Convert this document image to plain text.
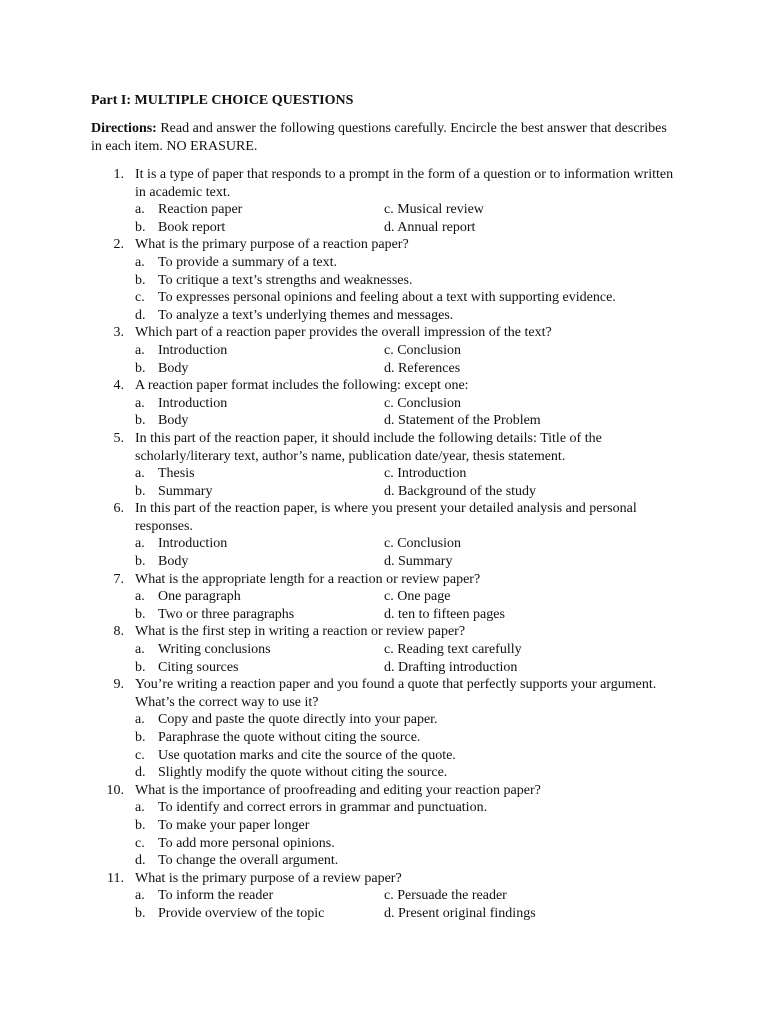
Part I: MULTIPLE CHOICE QUESTIONS
Directions: Read and answer the following questions carefully. Encircle the best answer that describes in each item. NO ERASURE.
1. It is a type of paper that responds to a prompt in the form of a question or to information written in academic text.
a. Reaction paper	c. Musical review
b. Book report	d. Annual report
2. What is the primary purpose of a reaction paper?
a. To provide a summary of a text.
b. To critique a text’s strengths and weaknesses.
c. To expresses personal opinions and feeling about a text with supporting evidence.
d. To analyze a text’s underlying themes and messages.
3. Which part of a reaction paper provides the overall impression of the text?
a. Introduction	c. Conclusion
b. Body	d. References
4. A reaction paper format includes the following: except one:
a. Introduction	c. Conclusion
b. Body	d. Statement of the Problem
5. In this part of the reaction paper, it should include the following details: Title of the scholarly/literary text, author’s name, publication date/year, thesis statement.
a. Thesis	c. Introduction
b. Summary	d. Background of the study
6. In this part of the reaction paper, is where you present your detailed analysis and personal responses.
a. Introduction	c. Conclusion
b. Body	d. Summary
7. What is the appropriate length for a reaction or review paper?
a. One paragraph	c. One page
b. Two or three paragraphs	d. ten to fifteen pages
8. What is the first step in writing a reaction or review paper?
a. Writing conclusions	c. Reading text carefully
b. Citing sources	d. Drafting introduction
9. You’re writing a reaction paper and you found a quote that perfectly supports your argument. What’s the correct way to use it?
a. Copy and paste the quote directly into your paper.
b. Paraphrase the quote without citing the source.
c. Use quotation marks and cite the source of the quote.
d. Slightly modify the quote without citing the source.
10. What is the importance of proofreading and editing your reaction paper?
a. To identify and correct errors in grammar and punctuation.
b. To make your paper longer
c. To add more personal opinions.
d. To change the overall argument.
11. What is the primary purpose of a review paper?
a. To inform the reader	c. Persuade the reader
b. Provide overview of the topic	d. Present original findings
